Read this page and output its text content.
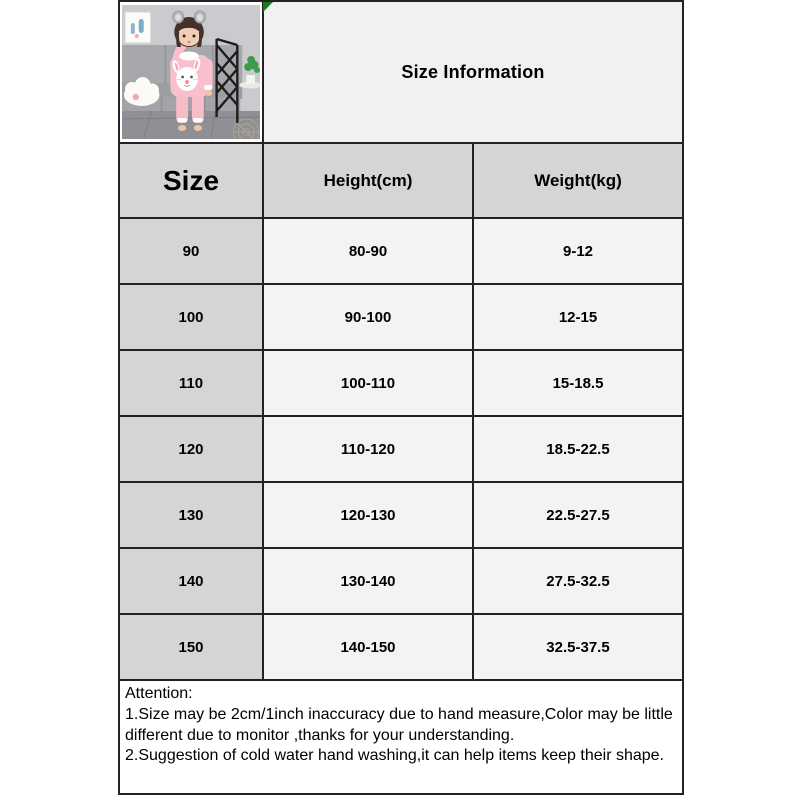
	Size Information	
Size	Height(cm)	Weight(kg)
90	80-90	9-12
100	90-100	12-15
110	100-110	15-18.5
120	110-120	18.5-22.5
130	120-130	22.5-27.5
140	130-140	27.5-32.5
150	140-150	32.5-37.5

Attention:
1.Size may be 2cm/1inch inaccuracy due to hand measure,Color may be little different due to monitor ,thanks for your understanding.
2.Suggestion of cold water hand washing,it can help items keep their shape.		
